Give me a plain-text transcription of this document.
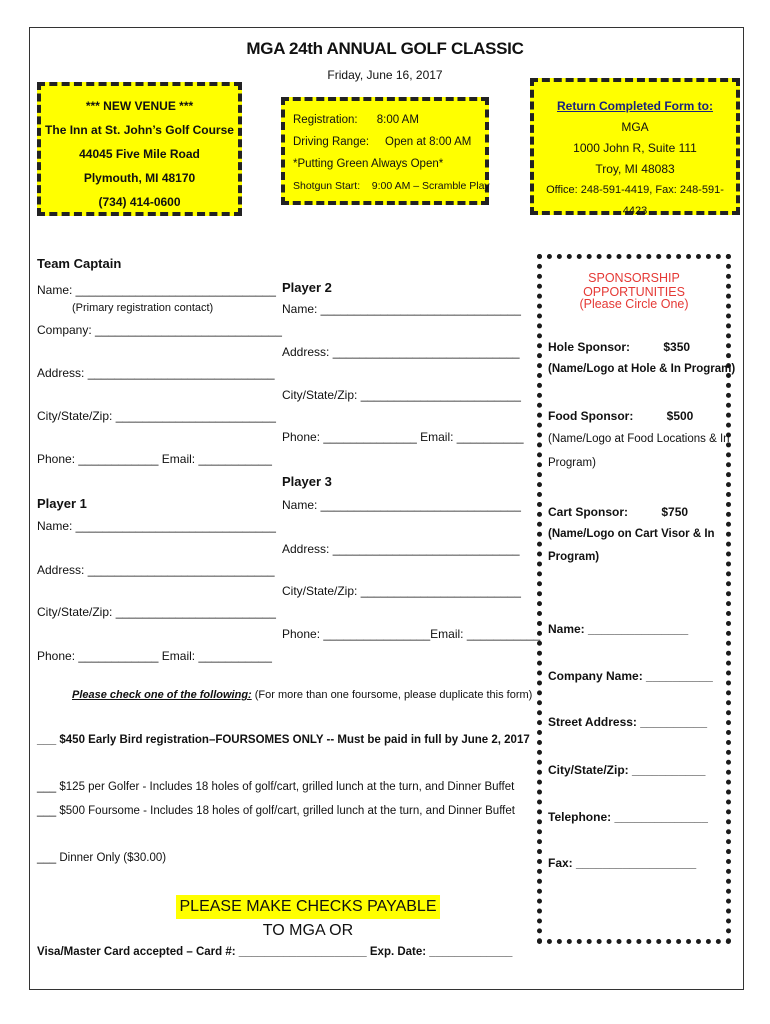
MGA 24th ANNUAL GOLF CLASSIC
Friday, June 16, 2017
*** NEW VENUE ***
The Inn at St. John’s Golf Course
44045 Five Mile Road
Plymouth, MI 48170
(734) 414-0600
Registration:      8:00 AM
Driving Range:     Open at 8:00 AM
*Putting Green Always Open*
Shotgun Start:    9:00 AM – Scramble Play
Return Completed Form to:
MGA
1000 John R, Suite 111
Troy, MI 48083
Office: 248-591-4419, Fax: 248-591-4423
Team Captain
Name: ______________________________
(Primary registration contact)
Company: ____________________________
Address: ____________________________
City/State/Zip: ________________________
Phone: ____________ Email: ___________
Player 1
Name: ______________________________
Address: ____________________________
City/State/Zip: ________________________
Phone: ____________ Email: ___________
Player 2
Name: ______________________________
Address: ____________________________
City/State/Zip: ________________________
Phone: ______________ Email: __________
Player 3
Name: ______________________________
Address: ____________________________
City/State/Zip: ________________________
Phone: ________________Email: ___________
Please check one of the following: (For more than one foursome, please duplicate this form)
___ $450 Early Bird registration–FOURSOMES ONLY -- Must be paid in full by June 2, 2017
___ $125 per Golfer - Includes 18 holes of golf/cart, grilled lunch at the turn, and Dinner Buffet
___ $500 Foursome - Includes 18 holes of golf/cart, grilled lunch at the turn, and Dinner Buffet
___ Dinner Only ($30.00)
PLEASE MAKE CHECKS PAYABLE TO MGA OR
Visa/Master Card accepted – Card #: ____________________ Exp. Date: _____________
SPONSORSHIP OPPORTUNITIES
(Please Circle One)
Hole Sponsor:          $350
(Name/Logo at Hole & In Program)
Food Sponsor:          $500
(Name/Logo at Food Locations & In
Program)
Cart Sponsor:          $750
(Name/Logo on Cart Visor & In
Program)
Name: _______________
Company Name: __________
Street Address: __________
City/State/Zip: ___________
Telephone: ______________
Fax: __________________
